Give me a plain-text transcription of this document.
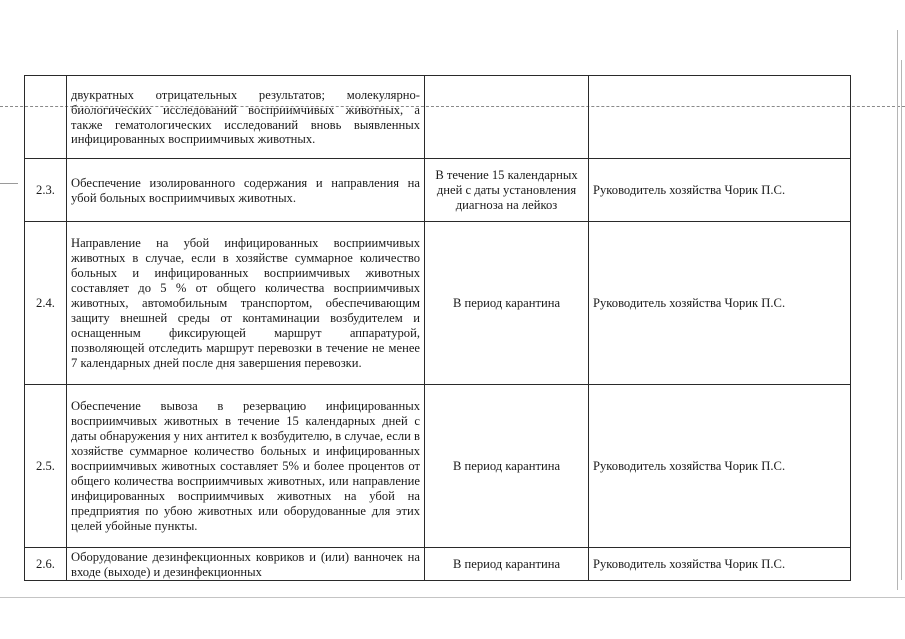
	двукратных отрицательных результатов; молекулярно-биологических исследований восприимчивых животных, а также гематологических исследований вновь выявленных инфицированных восприимчивых животных.		
2.3.	Обеспечение изолированного содержания и направления на убой больных восприимчивых животных.	В течение 15 календарных дней с даты установления диагноза на лейкоз	Руководитель хозяйства Чорик П.С.
2.4.	Направление на убой инфицированных восприимчивых животных в случае, если в хозяйстве суммарное количество больных и инфицированных восприимчивых животных составляет до 5 % от общего количества восприимчивых животных, автомобильным транспортом, обеспечивающим защиту внешней среды от контаминации возбудителем и оснащенным фиксирующей маршрут аппаратурой, позволяющей отследить маршрут перевозки в течение не менее 7 календарных дней после дня завершения перевозки.	В период карантина	Руководитель хозяйства Чорик П.С.
2.5.	Обеспечение вывоза в резервацию инфицированных восприимчивых животных в течение 15 календарных дней с даты обнаружения у них антител к возбудителю, в случае, если в хозяйстве суммарное количество больных и инфицированных восприимчивых животных составляет 5% и более процентов от общего количества восприимчивых животных, или направление инфицированных восприимчивых животных на убой на предприятия по убою животных или оборудованные для этих целей убойные пункты.	В период карантина	Руководитель хозяйства Чорик П.С.
2.6.	Оборудование дезинфекционных ковриков и (или) ванночек на входе (выходе) и дезинфекционных	В период карантина	Руководитель хозяйства Чорик П.С.
